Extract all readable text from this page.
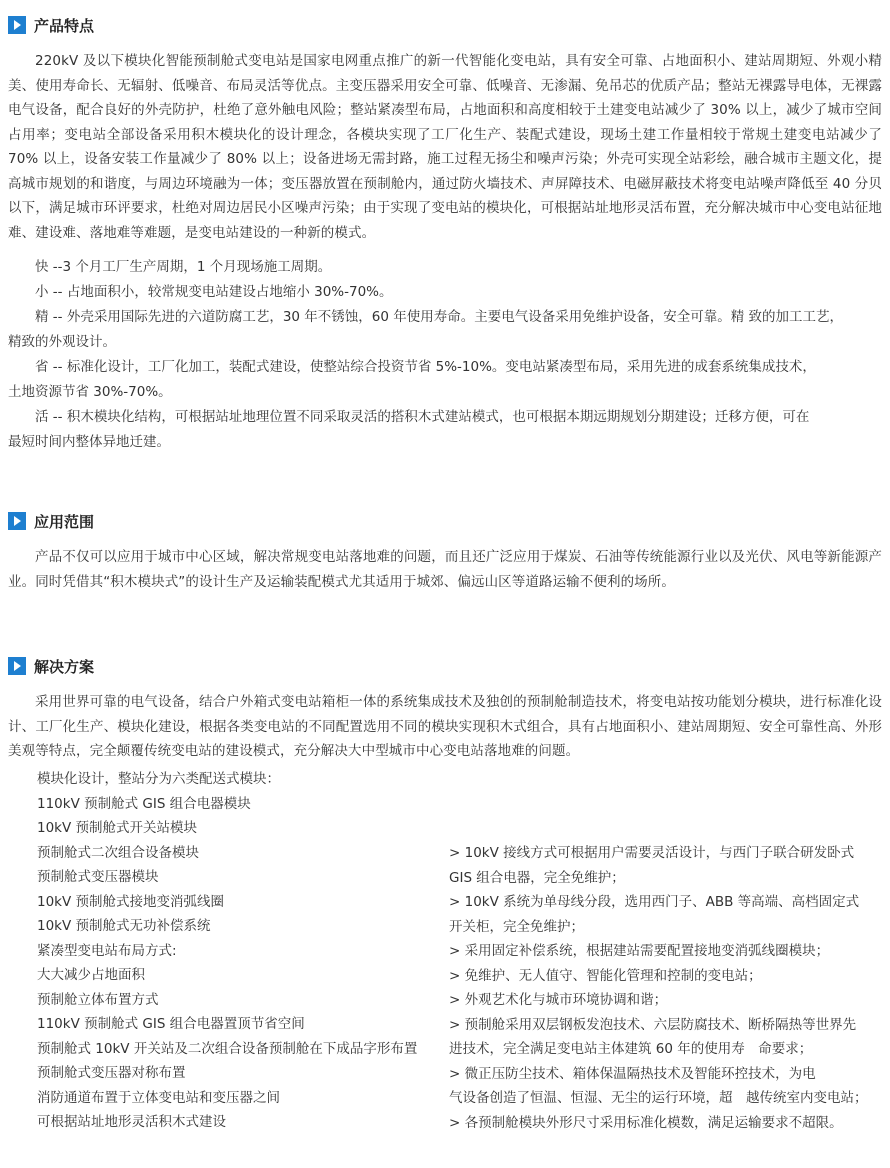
产品特点

220kV 及以下模块化智能预制舱式变电站是国家电网重点推广的新一代智能化变电站，具有安全可靠、占地面积小、建站周期短、外观小精美、使用寿命长、无辐射、低噪音、布局灵活等优点。主变压器采用安全可靠、低噪音、无渗漏、免吊芯的优质产品；整站无裸露导电体，无裸露电气设备，配合良好的外壳防护，杜绝了意外触电风险；整站紧凑型布局，占地面积和高度相较于土建变电站减少了 30% 以上，减少了城市空间占用率；变电站全部设备采用积木模块化的设计理念，各模块实现了工厂化生产、装配式建设，现场土建工作量相较于常规土建变电站减少了 70% 以上，设备安装工作量减少了 80% 以上；设备进场无需封路，施工过程无扬尘和噪声污染；外壳可实现全站彩绘，融合城市主题文化，提高城市规划的和谐度，与周边环境融为一体；变压器放置在预制舱内，通过防火墙技术、声屏障技术、电磁屏蔽技术将变电站噪声降低至 40 分贝以下，满足城市环评要求，杜绝对周边居民小区噪声污染；由于实现了变电站的模块化，可根据站址地形灵活布置，充分解决城市中心变电站征地难、建设难、落地难等难题，是变电站建设的一种新的模式。

快 --3 个月工厂生产周期，1 个月现场施工周期。

小 -- 占地面积小，较常规变电站建设占地缩小 30%-70%。

精 -- 外壳采用国际先进的六道防腐工艺，30 年不锈蚀，60 年使用寿命。主要电气设备采用免维护设备，安全可靠。精 致的加工工艺，

精致的外观设计。

省 -- 标准化设计，工厂化加工，装配式建设，使整站综合投资节省 5%-10%。变电站紧凑型布局，采用先进的成套系统集成技术，

土地资源节省 30%-70%。

活 -- 积木模块化结构，可根据站址地理位置不同采取灵活的搭积木式建站模式，也可根据本期远期规划分期建设；迁移方便，可在

最短时间内整体异地迁建。

应用范围

产品不仅可以应用于城市中心区域，解决常规变电站落地难的问题，而且还广泛应用于煤炭、石油等传统能源行业以及光伏、风电等新能源产业。同时凭借其“积木模块式”的设计生产及运输装配模式尤其适用于城郊、偏远山区等道路运输不便利的场所。

解决方案

采用世界可靠的电气设备，结合户外箱式变电站箱柜一体的系统集成技术及独创的预制舱制造技术，将变电站按功能划分模块，进行标准化设计、工厂化生产、模块化建设，根据各类变电站的不同配置选用不同的模块实现积木式组合，具有占地面积小、建站周期短、安全可靠性高、外形美观等特点，完全颠覆传统变电站的建设模式，充分解决大中型城市中心变电站落地难的问题。

模块化设计，整站分为六类配送式模块：
110kV 预制舱式 GIS 组合电器模块
10kV 预制舱式开关站模块
预制舱式二次组合设备模块
预制舱式变压器模块
10kV 预制舱式接地变消弧线圈
10kV 预制舱式无功补偿系统
紧凑型变电站布局方式:
大大减少占地面积
预制舱立体布置方式
110kV 预制舱式 GIS 组合电器置顶节省空间
预制舱式 10kV 开关站及二次组合设备预制舱在下成品字形布置
预制舱式变压器对称布置
消防通道布置于立体变电站和变压器之间
可根据站址地形灵活积木式建设
> 10kV 接线方式可根据用户需要灵活设计，与西门子联合研发卧式
GIS 组合电器，完全免维护；
> 10kV 系统为单母线分段，选用西门子、ABB 等高端、高档固定式
开关柜，完全免维护；
> 采用固定补偿系统，根据建站需要配置接地变消弧线圈模块；
> 免维护、无人值守、智能化管理和控制的变电站；
> 外观艺术化与城市环境协调和谐；
> 预制舱采用双层钢板发泡技术、六层防腐技术、断桥隔热等世界先
进技术，完全满足变电站主体建筑 60 年的使用寿　命要求；
> 微正压防尘技术、箱体保温隔热技术及智能环控技术，为电
气设备创造了恒温、恒湿、无尘的运行环境，超　越传统室内变电站；
> 各预制舱模块外形尺寸采用标准化模数，满足运输要求不超限。
